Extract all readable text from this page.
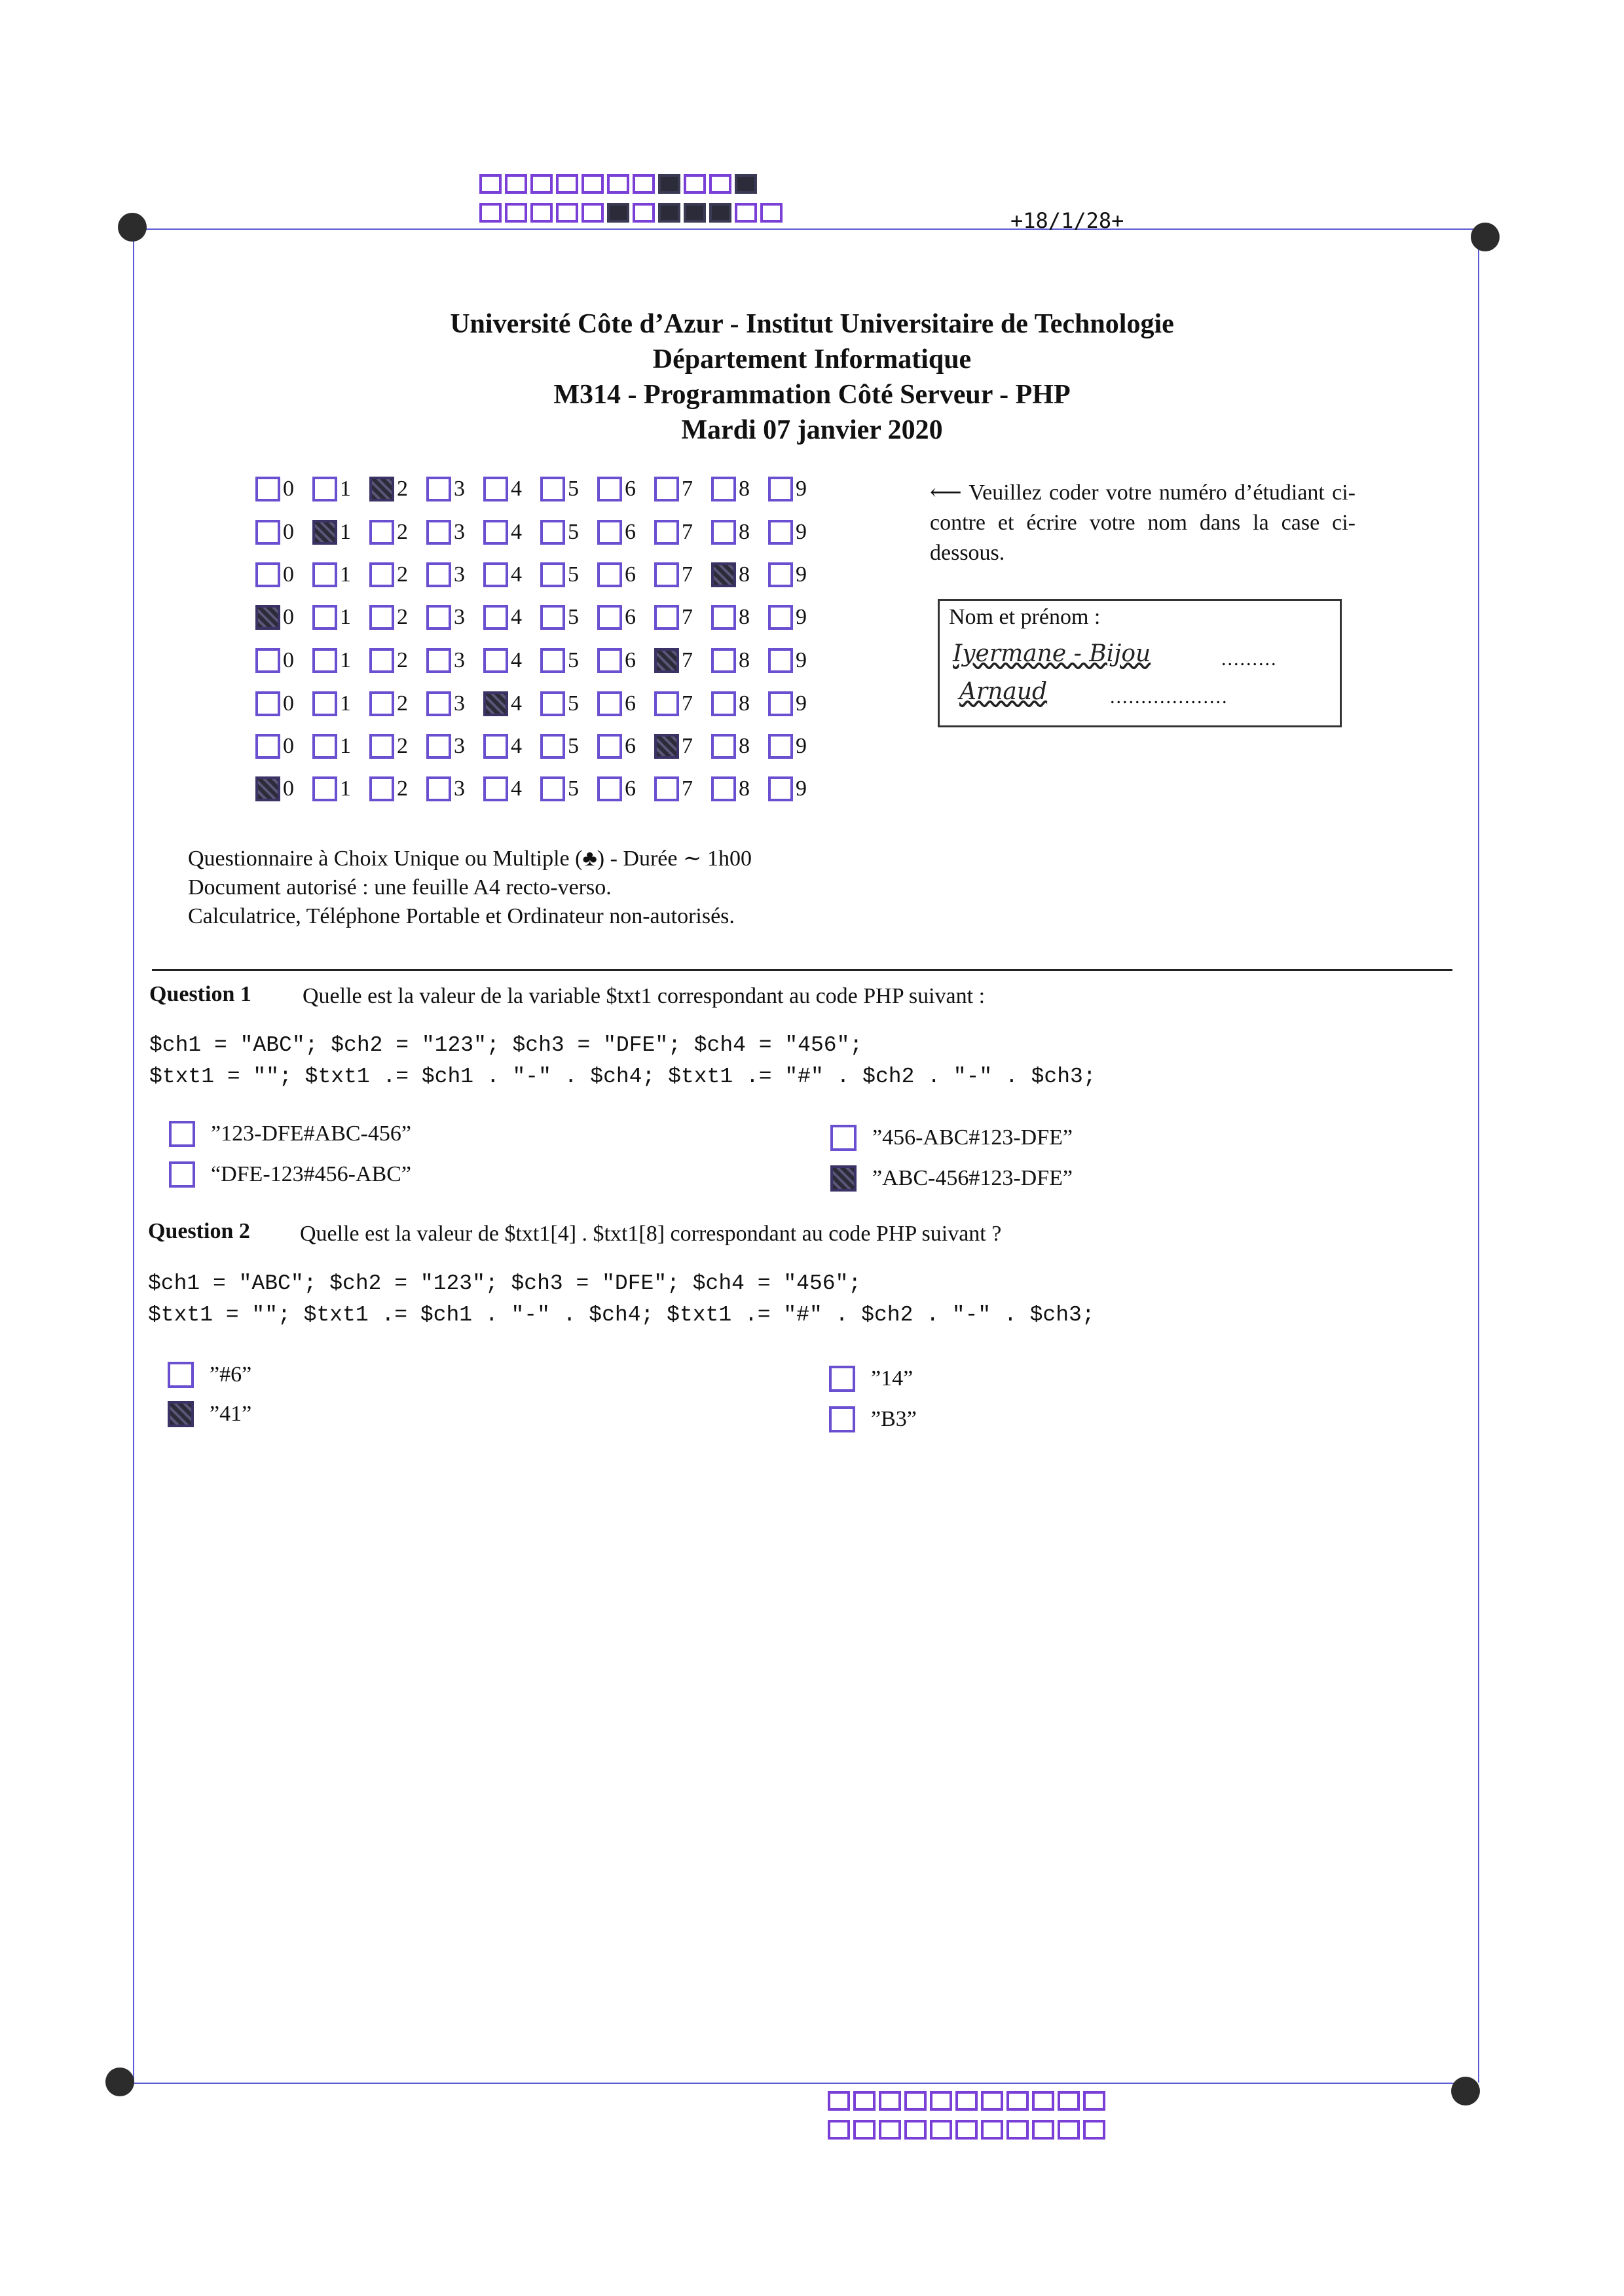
+18/1/28+
Université Côte d’Azur - Institut Universitaire de Technologie
Département Informatique
M314 - Programmation Côté Serveur - PHP
Mardi 07 janvier 2020
0 1 2 3 4 5 6 7 8 9
0 1 2 3 4 5 6 7 8 9
0 1 2 3 4 5 6 7 8 9
0 1 2 3 4 5 6 7 8 9
0 1 2 3 4 5 6 7 8 9
0 1 2 3 4 5 6 7 8 9
0 1 2 3 4 5 6 7 8 9
0 1 2 3 4 5 6 7 8 9
⟵ Veuillez coder votre numéro d’étudiant ci-contre et écrire votre nom dans la case ci-dessous.
Nom et prénom :
Iyermane - Bijou	.........
Arnaud	...................
Questionnaire à Choix Unique ou Multiple (♣) - Durée ∼ 1h00
Document autorisé : une feuille A4 recto-verso.
Calculatrice, Téléphone Portable et Ordinateur non-autorisés.
Question 1 Quelle est la valeur de la variable $txt1 correspondant au code PHP suivant :
$ch1 = "ABC"; $ch2 = "123"; $ch3 = "DFE"; $ch4 = "456";
$txt1 = ""; $txt1 .= $ch1 . "-" . $ch4; $txt1 .= "#" . $ch2 . "-" . $ch3;
”123-DFE#ABC-456”
“DFE-123#456-ABC”
”456-ABC#123-DFE”
”ABC-456#123-DFE”
Question 2 Quelle est la valeur de $txt1[4] . $txt1[8] correspondant au code PHP suivant ?
$ch1 = "ABC"; $ch2 = "123"; $ch3 = "DFE"; $ch4 = "456";
$txt1 = ""; $txt1 .= $ch1 . "-" . $ch4; $txt1 .= "#" . $ch2 . "-" . $ch3;
”#6”
”41”
”14”
”B3”
